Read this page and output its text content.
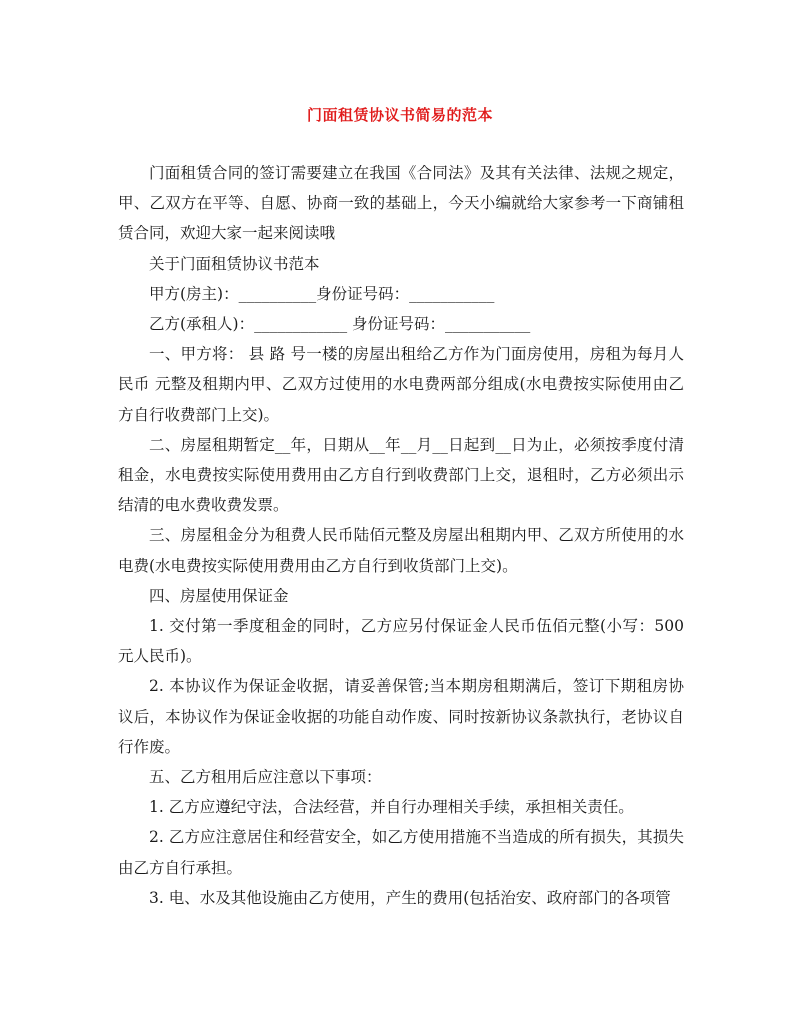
门面租赁协议书简易的范本

门面租赁合同的签订需要建立在我国《合同法》及其有关法律、法规之规定，甲、乙双方在平等、自愿、协商一致的基础上，今天小编就给大家参考一下商铺租赁合同，欢迎大家一起来阅读哦

关于门面租赁协议书范本

甲方(房主)：__________身份证号码：___________

乙方(承租人)：____________ 身份证号码：___________

一、甲方将： 县 路 号一楼的房屋出租给乙方作为门面房使用，房租为每月人民币 元整及租期内甲、乙双方过使用的水电费两部分组成(水电费按实际使用由乙方自行收费部门上交)。

二、房屋租期暂定__年，日期从__年__月__日起到__日为止，必须按季度付清租金，水电费按实际使用费用由乙方自行到收费部门上交，退租时，乙方必须出示结清的电水费收费发票。

三、房屋租金分为租费人民币陆佰元整及房屋出租期内甲、乙双方所使用的水电费(水电费按实际使用费用由乙方自行到收货部门上交)。

四、房屋使用保证金

1. 交付第一季度租金的同时，乙方应另付保证金人民币伍佰元整(小写：500元人民币)。

2. 本协议作为保证金收据，请妥善保管;当本期房租期满后，签订下期租房协议后，本协议作为保证金收据的功能自动作废、同时按新协议条款执行，老协议自行作废。

五、乙方租用后应注意以下事项：

1. 乙方应遵纪守法，合法经营，并自行办理相关手续，承担相关责任。

2. 乙方应注意居住和经营安全，如乙方使用措施不当造成的所有损失，其损失由乙方自行承担。

3. 电、水及其他设施由乙方使用，产生的费用(包括治安、政府部门的各项管
